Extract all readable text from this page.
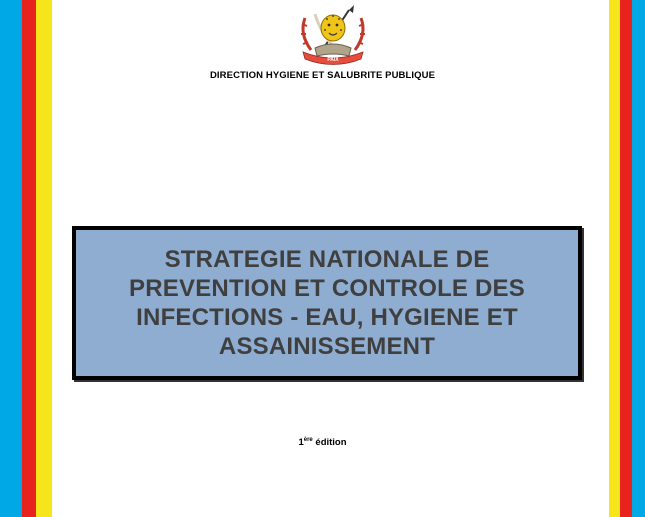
PAIX
DIRECTION HYGIENE ET SALUBRITE PUBLIQUE
STRATEGIE NATIONALE DE
PREVENTION ET CONTROLE DES
INFECTIONS - EAU, HYGIENE ET
ASSAINISSEMENT
1ère édition
